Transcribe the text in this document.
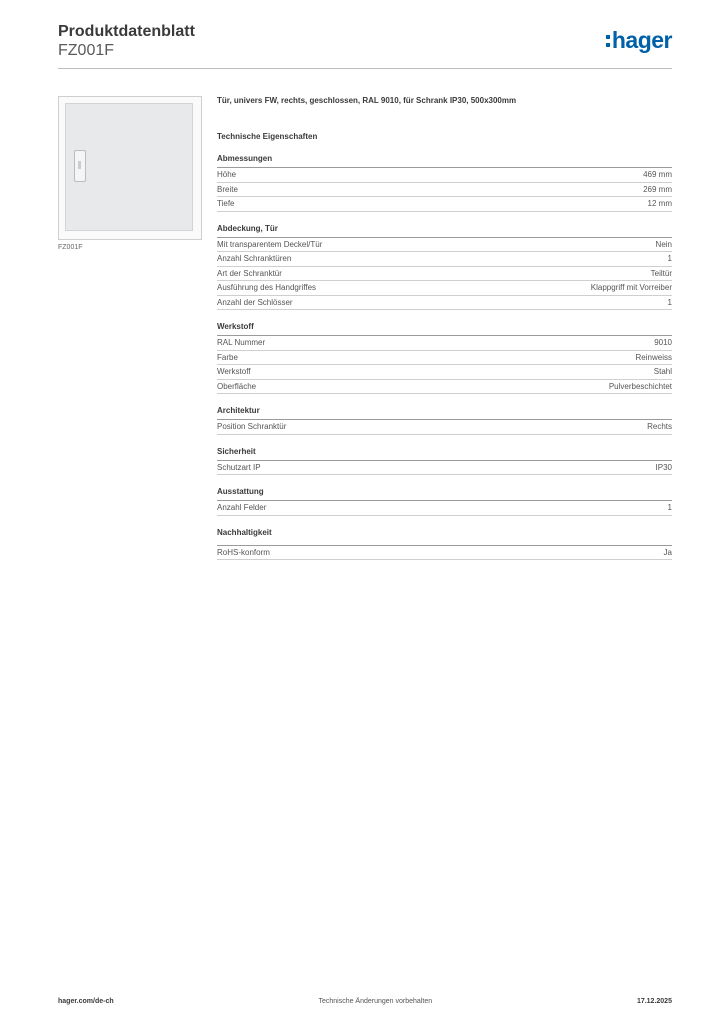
Produktdatenblatt
FZ001F	hager
FZ001F
Tür, univers FW, rechts, geschlossen, RAL 9010, für Schrank IP30, 500x300mm
Technische Eigenschaften
Abmessungen
Höhe	469 mm
Breite	269 mm
Tiefe	12 mm
Abdeckung, Tür
Mit transparentem Deckel/Tür	Nein
Anzahl Schranktüren	1
Art der Schranktür	Teiltür
Ausführung des Handgriffes	Klappgriff mit Vorreiber
Anzahl der Schlösser	1
Werkstoff
RAL Nummer	9010
Farbe	Reinweiss
Werkstoff	Stahl
Oberfläche	Pulverbeschichtet
Architektur
Position Schranktür	Rechts
Sicherheit
Schutzart IP	IP30
Ausstattung
Anzahl Felder	1
Nachhaltigkeit
RoHS-konform	Ja
hager.com/de-ch	Technische Änderungen vorbehalten	17.12.2025
